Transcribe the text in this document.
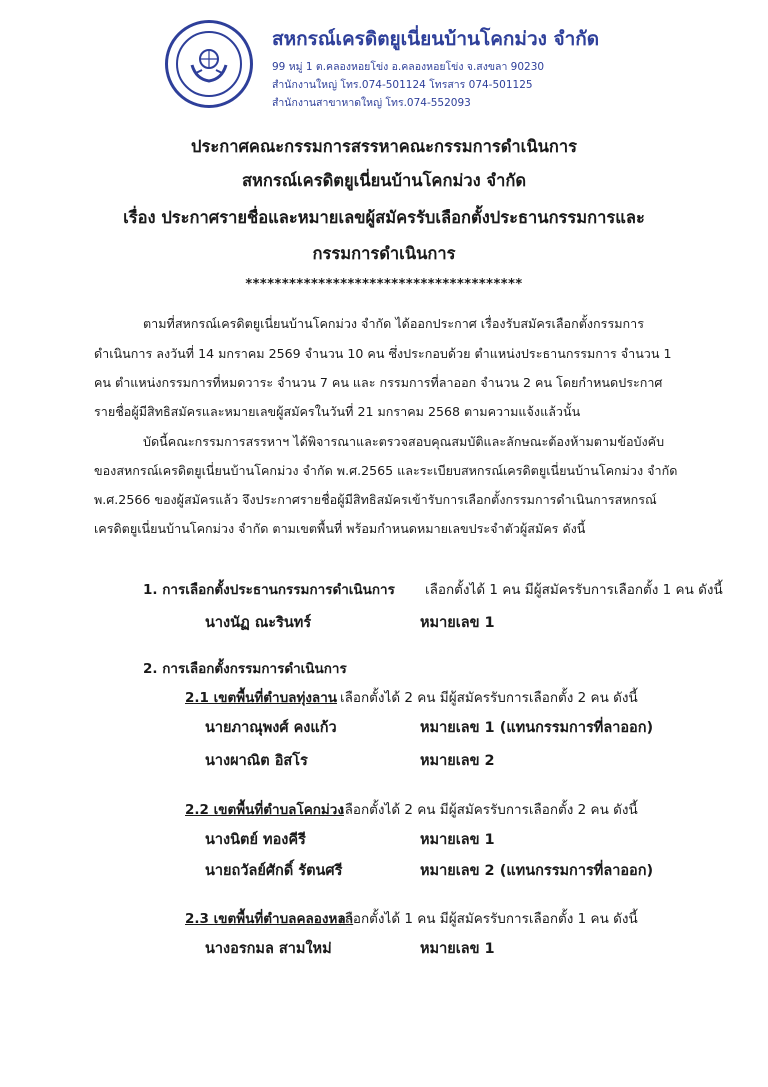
สหกรณ์เครดิตยูเนี่ยนบ้านโคกม่วง จำกัด
99 หมู่ 1 ต.คลองหอยโข่ง อ.คลองหอยโข่ง จ.สงขลา 90230
สำนักงานใหญ่ โทร.074-501124 โทรสาร 074-501125
สำนักงานสาขาหาดใหญ่ โทร.074-552093
ประกาศคณะกรรมการสรรหาคณะกรรมการดำเนินการ
สหกรณ์เครดิตยูเนี่ยนบ้านโคกม่วง จำกัด
เรื่อง ประกาศรายชื่อและหมายเลขผู้สมัครรับเลือกตั้งประธานกรรมการและ
กรรมการดำเนินการ
**************************************
ตามที่สหกรณ์เครดิตยูเนี่ยนบ้านโคกม่วง จำกัด ได้ออกประกาศ เรื่องรับสมัครเลือกตั้งกรรมการ
ดำเนินการ ลงวันที่ 14 มกราคม 2569 จำนวน 10 คน ซึ่งประกอบด้วย ตำแหน่งประธานกรรมการ จำนวน 1
คน ตำแหน่งกรรมการที่หมดวาระ จำนวน 7 คน และ กรรมการที่ลาออก จำนวน 2 คน โดยกำหนดประกาศ
รายชื่อผู้มีสิทธิสมัครและหมายเลขผู้สมัครในวันที่ 21 มกราคม 2568 ตามความแจ้งแล้วนั้น
บัดนี้คณะกรรมการสรรหาฯ ได้พิจารณาและตรวจสอบคุณสมบัติและลักษณะต้องห้ามตามข้อบังคับ
ของสหกรณ์เครดิตยูเนี่ยนบ้านโคกม่วง จำกัด พ.ศ.2565 และระเบียบสหกรณ์เครดิตยูเนี่ยนบ้านโคกม่วง จำกัด
พ.ศ.2566 ของผู้สมัครแล้ว จึงประกาศรายชื่อผู้มีสิทธิสมัครเข้ารับการเลือกตั้งกรรมการดำเนินการสหกรณ์
เครดิตยูเนี่ยนบ้านโคกม่วง จำกัด ตามเขตพื้นที่ พร้อมกำหนดหมายเลขประจำตัวผู้สมัคร ดังนี้
1. การเลือกตั้งประธานกรรมการดำเนินการ เลือกตั้งได้ 1 คน มีผู้สมัครรับการเลือกตั้ง 1 คน ดังนี้
นางนัฏ ณะรินทร์	หมายเลข 1
2. การเลือกตั้งกรรมการดำเนินการ
2.1 เขตพื้นที่ตำบลทุ่งลาน เลือกตั้งได้ 2 คน มีผู้สมัครรับการเลือกตั้ง 2 คน ดังนี้
นายภาณุพงศ์ คงแก้ว	หมายเลข 1 (แทนกรรมการที่ลาออก)
นางผาณิต อิสโร	หมายเลข 2
2.2 เขตพื้นที่ตำบลโคกม่วง
เลือกตั้งได้ 2 คน มีผู้สมัครรับการเลือกตั้ง 2 คน ดังนี้
นางนิตย์ ทองคีรี	หมายเลข 1
นายถวัลย์ศักดิ์ รัตนศรี	หมายเลข 2 (แทนกรรมการที่ลาออก)
2.3 เขตพื้นที่ตำบลคลองหลา
เลือกตั้งได้ 1 คน มีผู้สมัครรับการเลือกตั้ง 1 คน ดังนี้
นางอรกมล สามใหม่	หมายเลข 1
